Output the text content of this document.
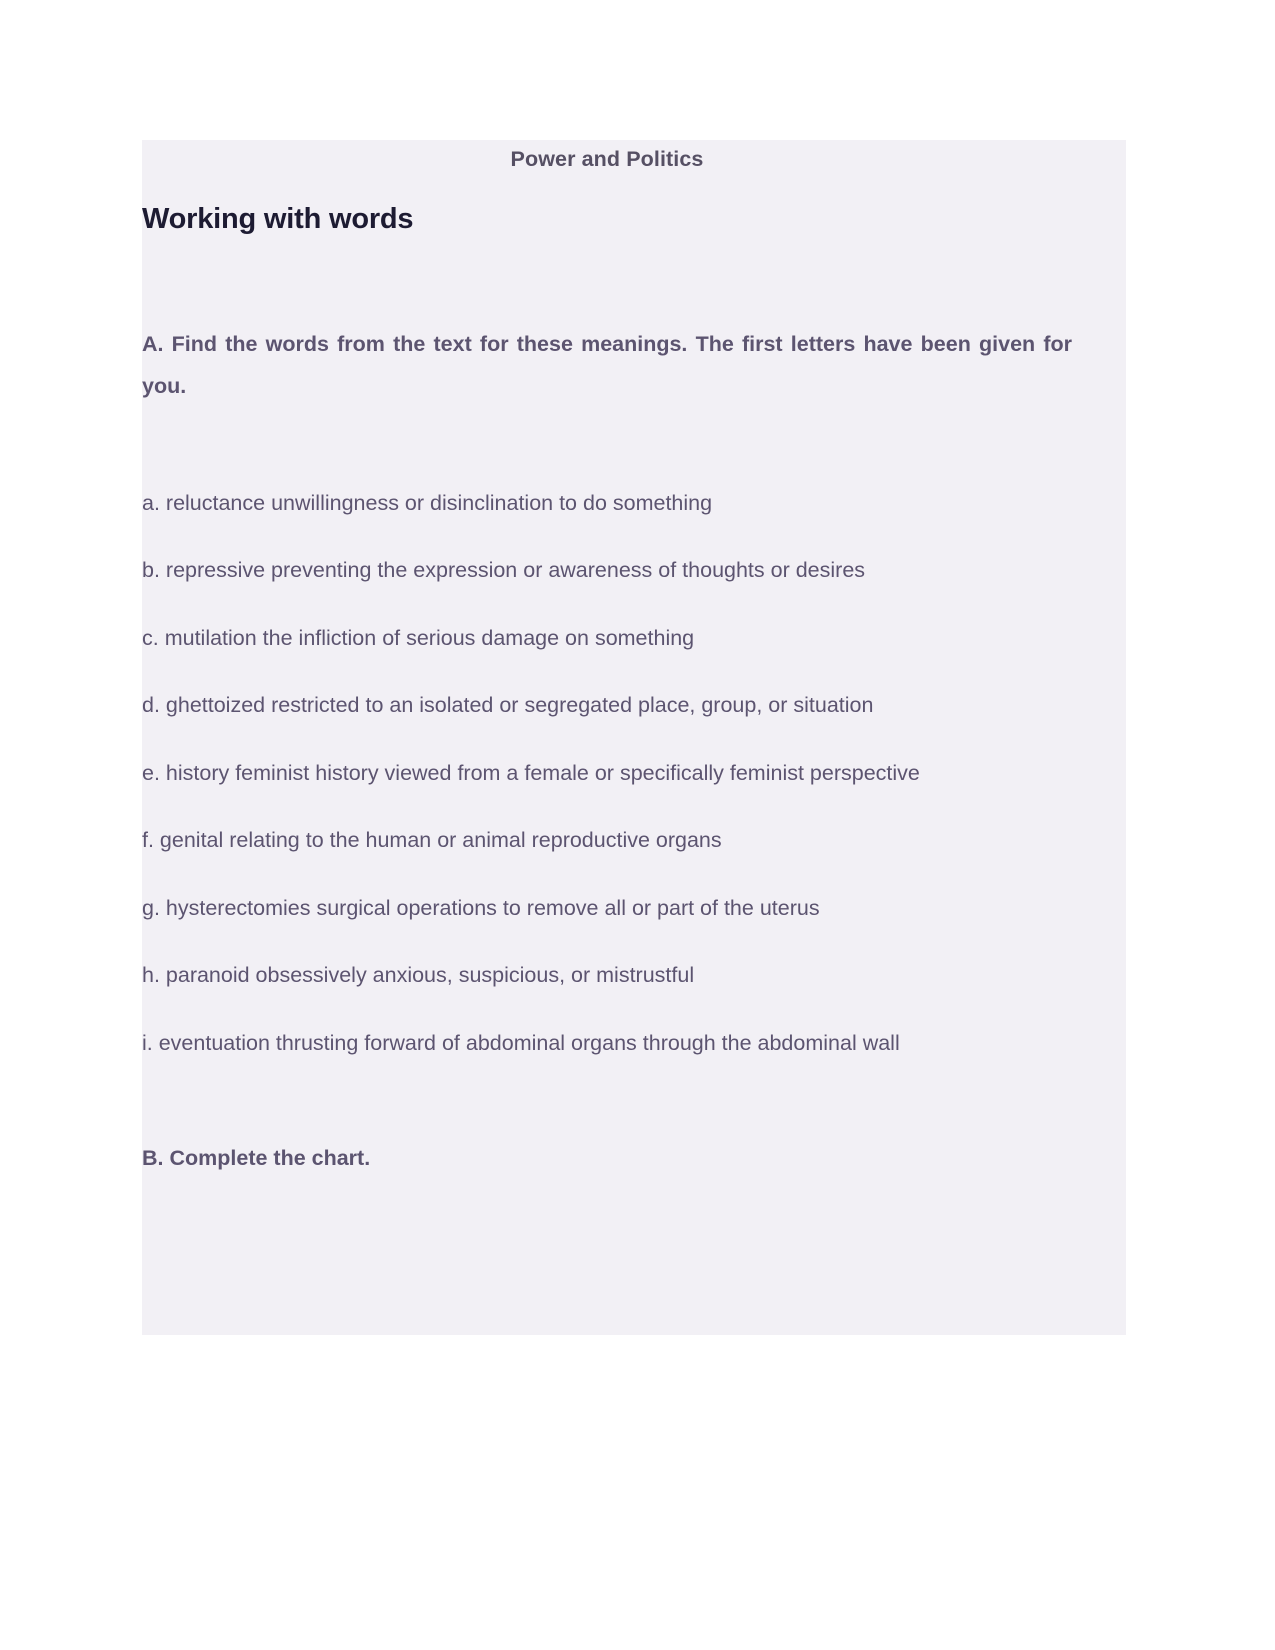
Power and Politics
Working with words

A. Find the words from the text for these meanings. The first letters have been given for you.

a. reluctance unwillingness or disinclination to do something
b. repressive preventing the expression or awareness of thoughts or desires
c. mutilation the infliction of serious damage on something
d. ghettoized restricted to an isolated or segregated place, group, or situation
e. history feminist history viewed from a female or specifically feminist perspective
f. genital relating to the human or animal reproductive organs
g. hysterectomies surgical operations to remove all or part of the uterus
h. paranoid obsessively anxious, suspicious, or mistrustful
i. eventuation thrusting forward of abdominal organs through the abdominal wall

B. Complete the chart.
